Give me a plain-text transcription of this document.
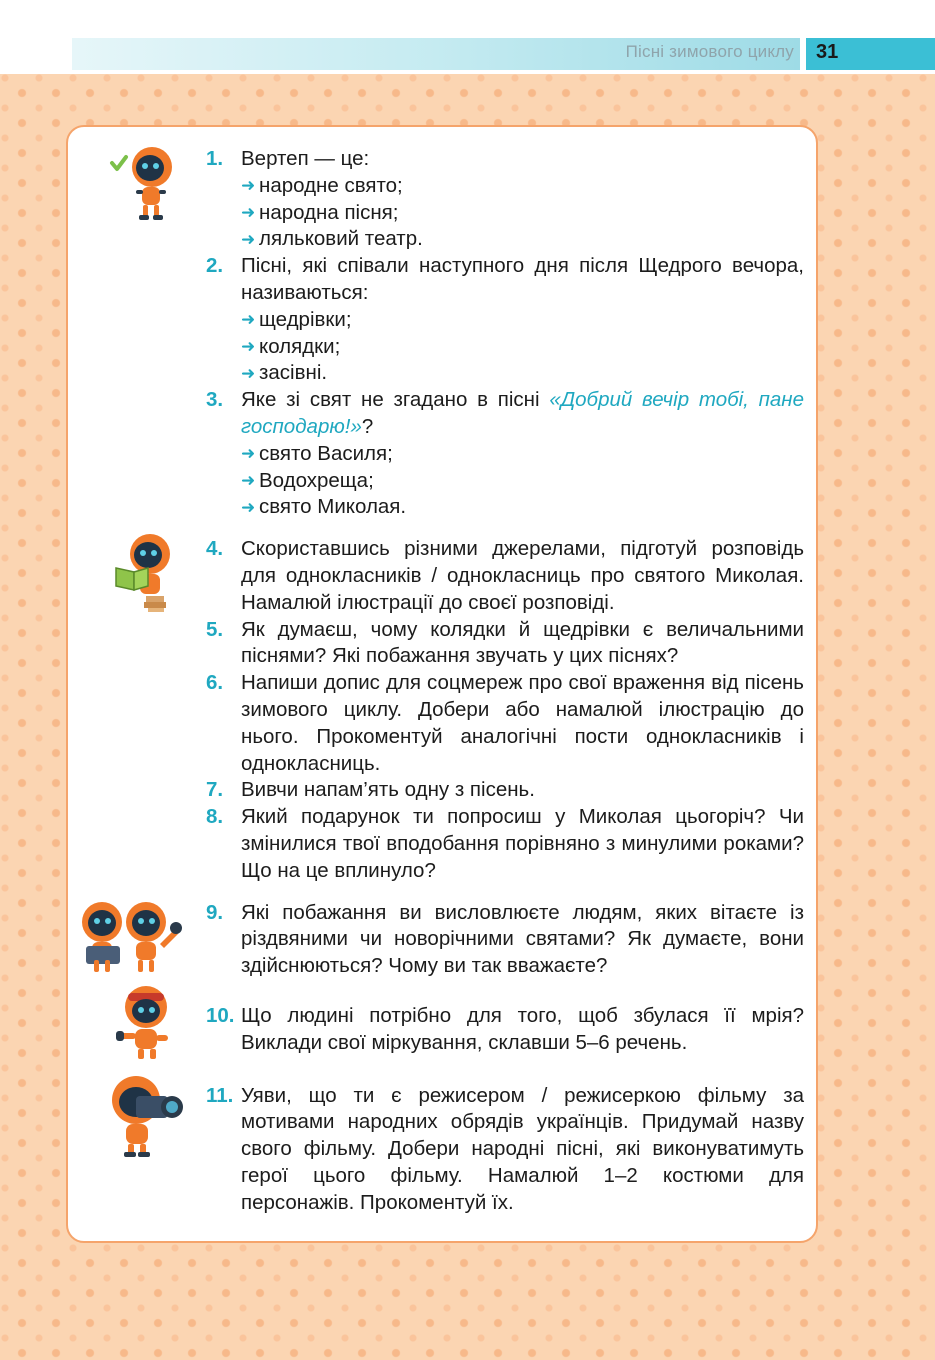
Пісні зимового циклу 31
1. Вертеп — це:
➜ народне свято;
➜ народна пісня;
➜ ляльковий театр.
2. Пісні, які співали наступного дня після Щедрого вечора, називаються:
➜ щедрівки;
➜ колядки;
➜ засівні.
3. Яке зі свят не згадано в пісні «Добрий вечір тобі, пане господарю!»?
➜ свято Василя;
➜ Водохреща;
➜ свято Миколая.
4. Скориставшись різними джерелами, підготуй розповідь для однокласників / однокласниць про святого Миколая. Намалюй ілюстрації до своєї розповіді.
5. Як думаєш, чому колядки й щедрівки є величальними піснями? Які побажання звучать у цих піснях?
6. Напиши допис для соцмереж про свої враження від пісень зимового циклу. Добери або намалюй ілюстрацію до нього. Прокоментуй аналогічні пости однокласників і однокласниць.
7. Вивчи напам’ять одну з пісень.
8. Який подарунок ти попросиш у Миколая цьогоріч? Чи змінилися твої вподобання порівняно з минулими роками? Що на це вплинуло?
9. Які побажання ви висловлюєте людям, яких вітаєте із різдвяними чи новорічними святами? Як думаєте, вони здійснюються? Чому ви так вважаєте?
10. Що людині потрібно для того, щоб збулася її мрія? Виклади свої міркування, склавши 5–6 речень.
11. Уяви, що ти є режисером / режисеркою фільму за мотивами народних обрядів українців. Придумай назву свого фільму. Добери народні пісні, які виконуватимуть герої цього фільму. Намалюй 1–2 костюми для персонажів. Прокоментуй їх.
